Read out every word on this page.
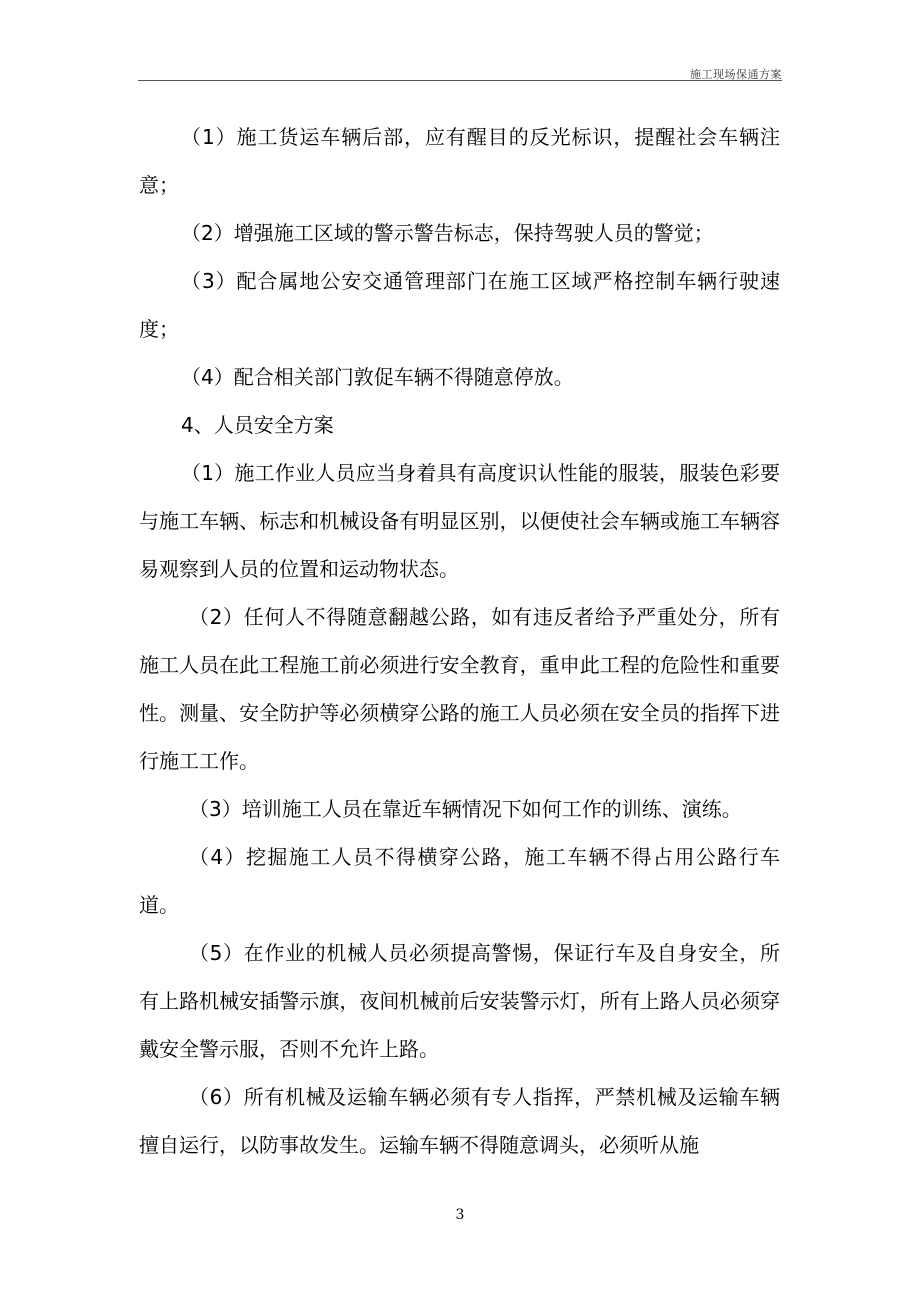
施工现场保通方案

（1）施工货运车辆后部，应有醒目的反光标识，提醒社会车辆注意；

（2）增强施工区域的警示警告标志，保持驾驶人员的警觉；

（3）配合属地公安交通管理部门在施工区域严格控制车辆行驶速度；

（4）配合相关部门敦促车辆不得随意停放。

4、人员安全方案

（1）施工作业人员应当身着具有高度识认性能的服装，服装色彩要与施工车辆、标志和机械设备有明显区别，以便使社会车辆或施工车辆容易观察到人员的位置和运动物状态。

（2）任何人不得随意翻越公路，如有违反者给予严重处分，所有施工人员在此工程施工前必须进行安全教育，重申此工程的危险性和重要性。测量、安全防护等必须横穿公路的施工人员必须在安全员的指挥下进行施工工作。

（3）培训施工人员在靠近车辆情况下如何工作的训练、演练。

（4）挖掘施工人员不得横穿公路，施工车辆不得占用公路行车道。

（5）在作业的机械人员必须提高警惕，保证行车及自身安全，所有上路机械安插警示旗，夜间机械前后安装警示灯，所有上路人员必须穿戴安全警示服，否则不允许上路。

（6）所有机械及运输车辆必须有专人指挥，严禁机械及运输车辆擅自运行，以防事故发生。运输车辆不得随意调头，必须听从施

3
